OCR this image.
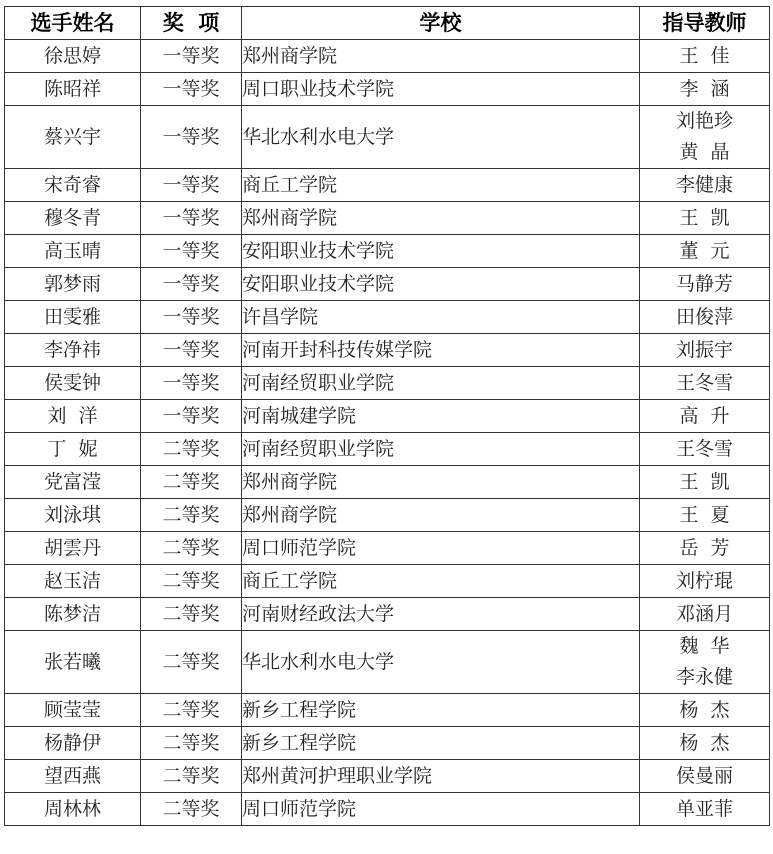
选手姓名	奖  项	学校	指导教师
徐思婷	一等奖	郑州商学院	王  佳

陈昭祥	一等奖	周口职业技术学院	李  涵

蔡兴宇	一等奖	华北水利水电大学	刘艳珍
黄  晶

宋奇睿	一等奖	商丘工学院	李健康

穆冬青	一等奖	郑州商学院	王  凯

高玉晴	一等奖	安阳职业技术学院	董  元

郭梦雨	一等奖	安阳职业技术学院	马静芳

田雯雅	一等奖	许昌学院	田俊萍

李净祎	一等奖	河南开封科技传媒学院	刘振宇

侯雯钟	一等奖	河南经贸职业学院	王冬雪

刘  洋	一等奖	河南城建学院	高  升

丁  妮	二等奖	河南经贸职业学院	王冬雪

党富滢	二等奖	郑州商学院	王  凯

刘泳琪	二等奖	郑州商学院	王  夏

胡雲丹	二等奖	周口师范学院	岳  芳

赵玉洁	二等奖	商丘工学院	刘柠琨

陈梦洁	二等奖	河南财经政法大学	邓涵月

张若曦	二等奖	华北水利水电大学	魏  华
李永健

顾莹莹	二等奖	新乡工程学院	杨  杰

杨静伊	二等奖	新乡工程学院	杨  杰

望西燕	二等奖	郑州黄河护理职业学院	侯曼丽

周林林	二等奖	周口师范学院	单亚菲
